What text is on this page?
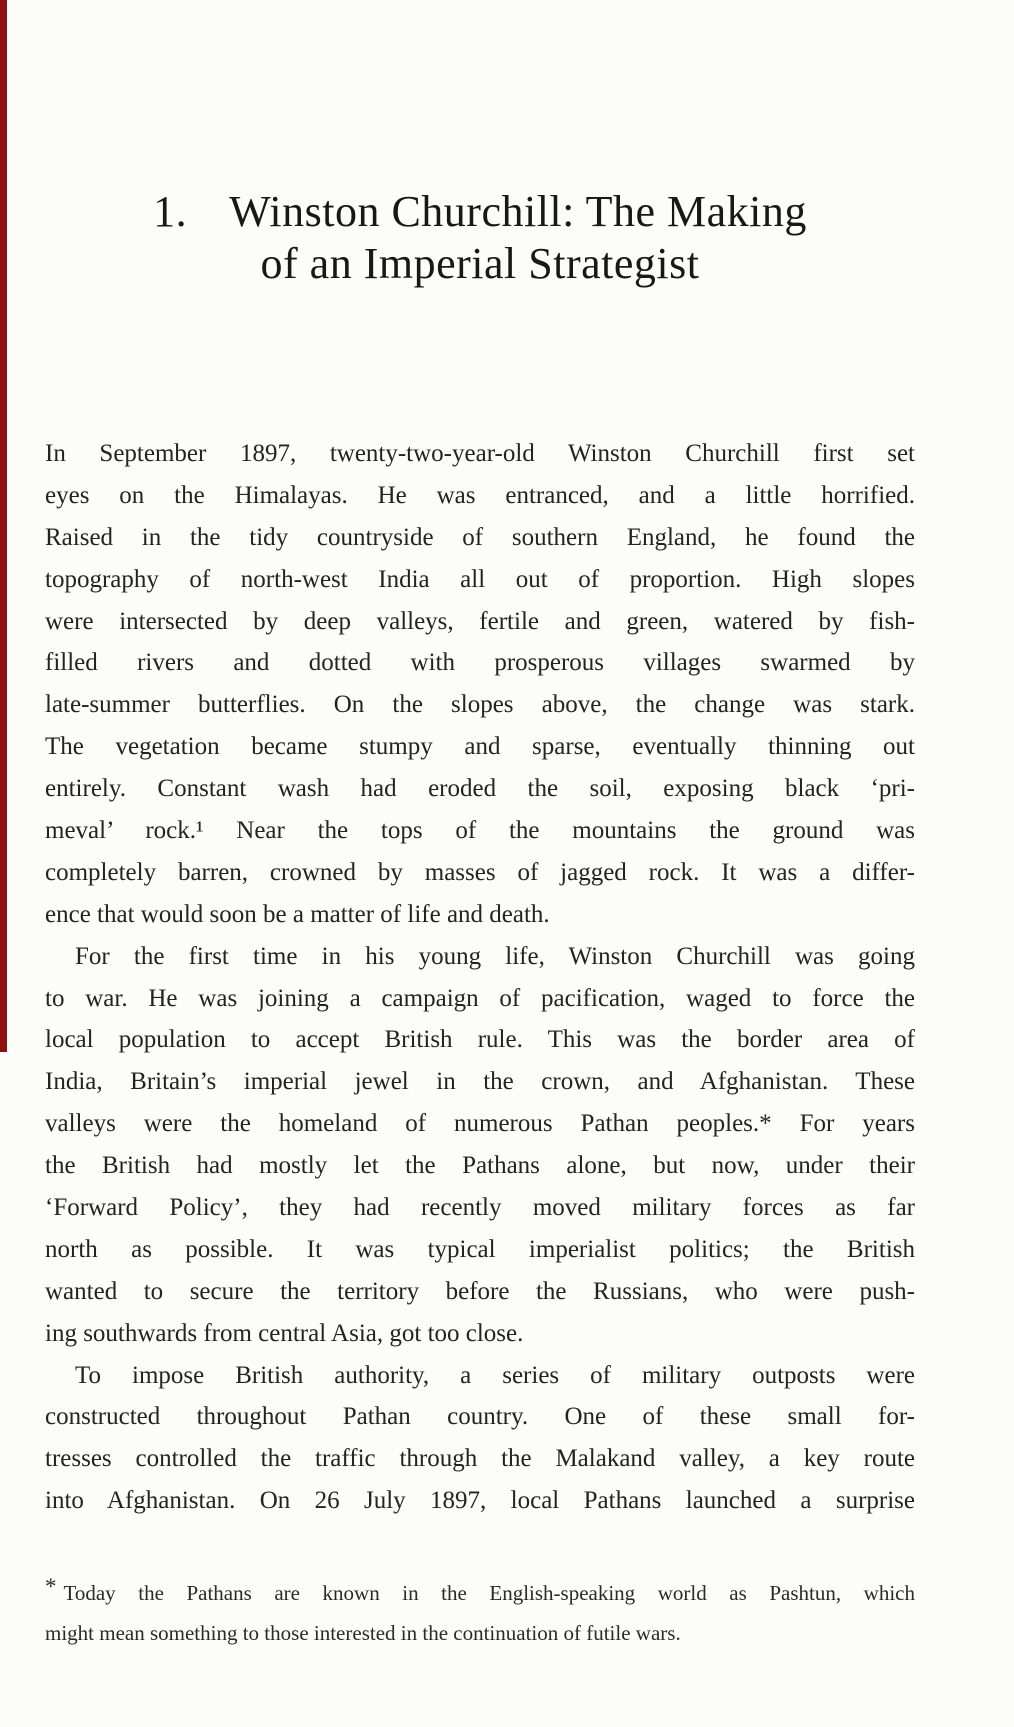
1. Winston Churchill: The Making
of an Imperial Strategist
In September 1897, twenty-two-year-old Winston Churchill first set
eyes on the Himalayas. He was entranced, and a little horrified.
Raised in the tidy countryside of southern England, he found the
topography of north-west India all out of proportion. High slopes
were intersected by deep valleys, fertile and green, watered by fish-
filled rivers and dotted with prosperous villages swarmed by
late-summer butterflies. On the slopes above, the change was stark.
The vegetation became stumpy and sparse, eventually thinning out
entirely. Constant wash had eroded the soil, exposing black ‘pri-
meval’ rock.¹ Near the tops of the mountains the ground was
completely barren, crowned by masses of jagged rock. It was a differ-
ence that would soon be a matter of life and death.
For the first time in his young life, Winston Churchill was going
to war. He was joining a campaign of pacification, waged to force the
local population to accept British rule. This was the border area of
India, Britain’s imperial jewel in the crown, and Afghanistan. These
valleys were the homeland of numerous Pathan peoples.* For years
the British had mostly let the Pathans alone, but now, under their
‘Forward Policy’, they had recently moved military forces as far
north as possible. It was typical imperialist politics; the British
wanted to secure the territory before the Russians, who were push-
ing southwards from central Asia, got too close.
To impose British authority, a series of military outposts were
constructed throughout Pathan country. One of these small for-
tresses controlled the traffic through the Malakand valley, a key route
into Afghanistan. On 26 July 1897, local Pathans launched a surprise
* Today the Pathans are known in the English-speaking world as Pashtun, which
might mean something to those interested in the continuation of futile wars.
